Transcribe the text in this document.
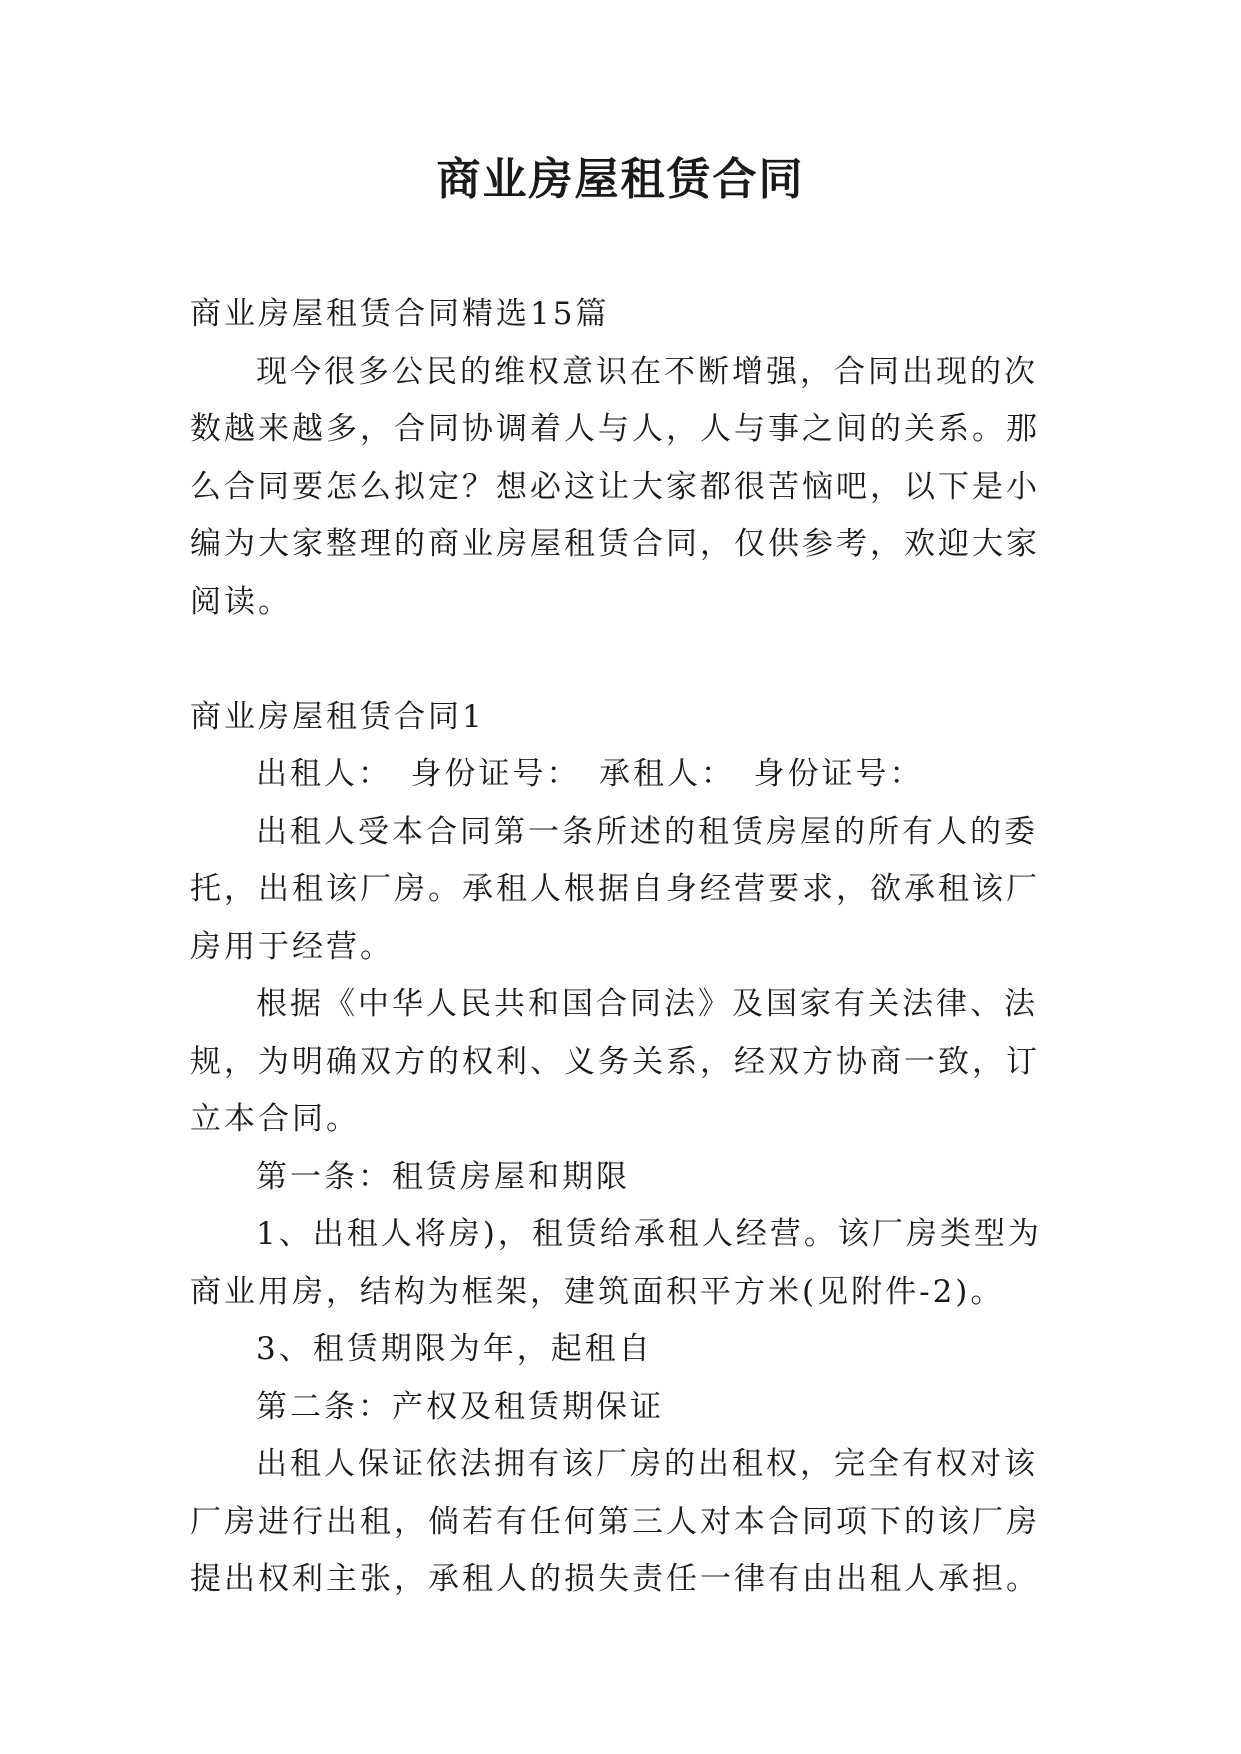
商业房屋租赁合同

商业房屋租赁合同精选15篇

现今很多公民的维权意识在不断增强，合同出现的次数越来越多，合同协调着人与人，人与事之间的关系。那么合同要怎么拟定？想必这让大家都很苦恼吧，以下是小编为大家整理的商业房屋租赁合同，仅供参考，欢迎大家阅读。

商业房屋租赁合同1

出租人：　身份证号：　承租人：　身份证号：

出租人受本合同第一条所述的租赁房屋的所有人的委托，出租该厂房。承租人根据自身经营要求，欲承租该厂房用于经营。

根据《中华人民共和国合同法》及国家有关法律、法规，为明确双方的权利、义务关系，经双方协商一致，订立本合同。

第一条：租赁房屋和期限

1、出租人将房)，租赁给承租人经营。该厂房类型为商业用房，结构为框架，建筑面积平方米(见附件-2)。

3、租赁期限为年，起租自

第二条：产权及租赁期保证

出租人保证依法拥有该厂房的出租权，完全有权对该厂房进行出租，倘若有任何第三人对本合同项下的该厂房提出权利主张，承租人的损失责任一律有由出租人承担。
